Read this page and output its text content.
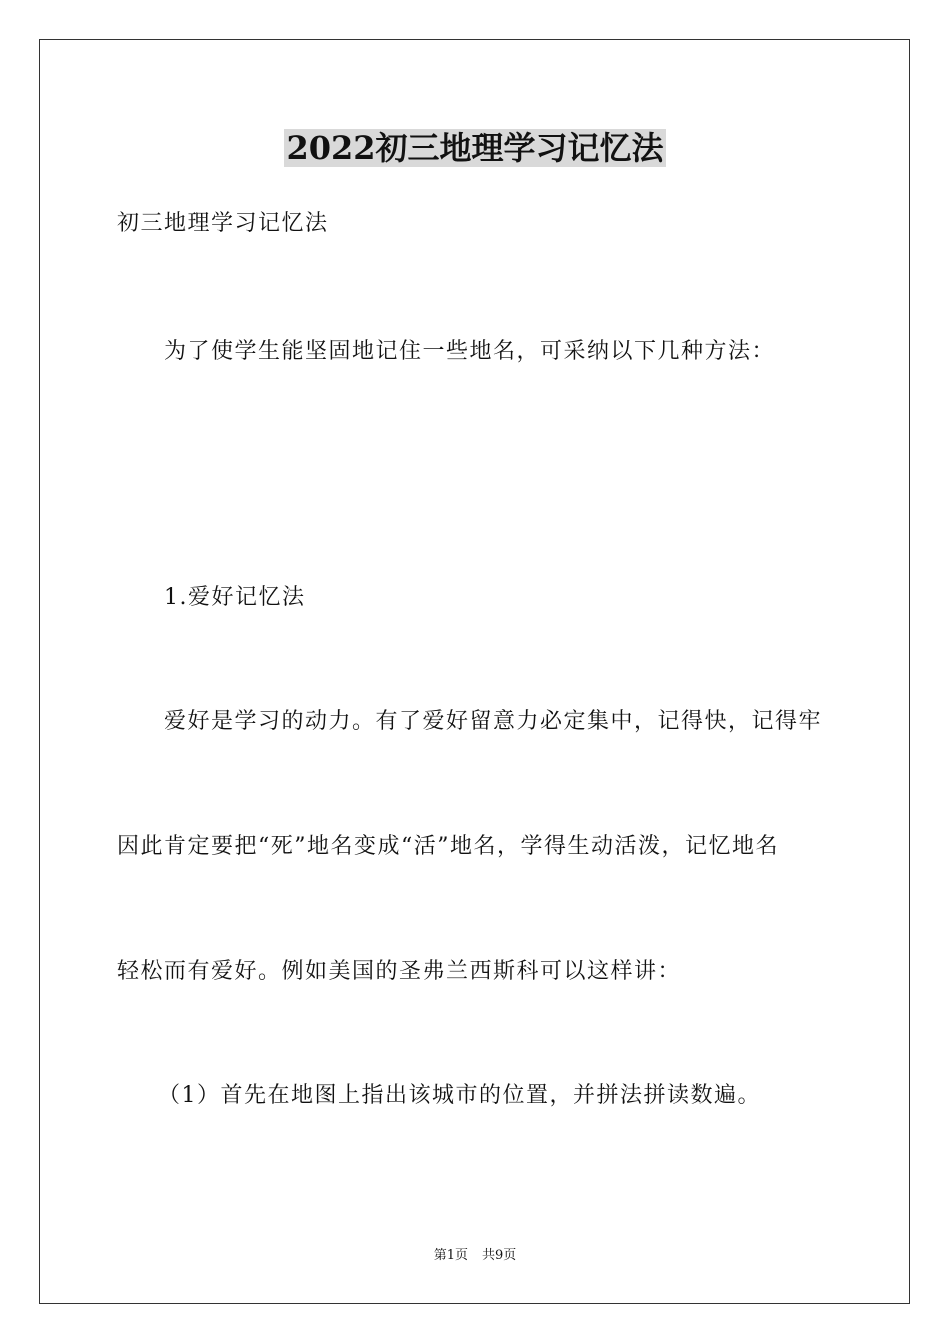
2022初三地理学习记忆法

初三地理学习记忆法

为了使学生能坚固地记住一些地名，可采纳以下几种方法：

1.爱好记忆法

爱好是学习的动力。有了爱好留意力必定集中，记得快，记得牢

因此肯定要把“死”地名变成“活”地名，学得生动活泼，记忆地名

轻松而有爱好。例如美国的圣弗兰西斯科可以这样讲：

（1）首先在地图上指出该城市的位置，并拼法拼读数遍。

第1页 共9页
